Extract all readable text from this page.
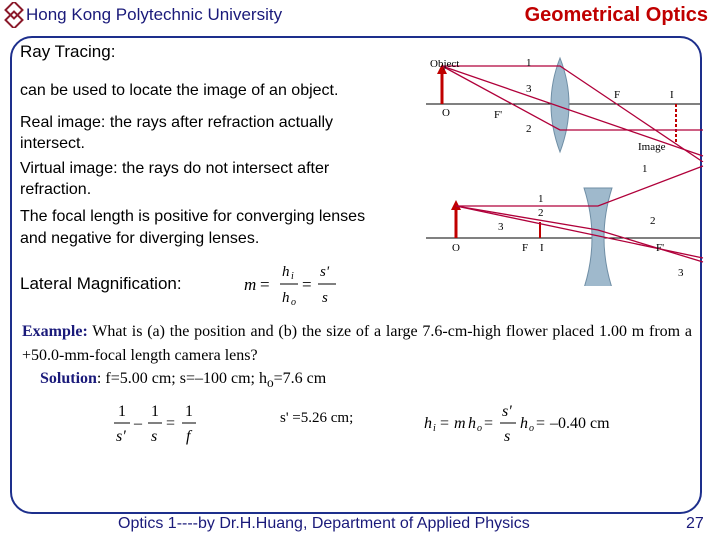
Hong Kong Polytechnic University	Geometrical Optics
Ray Tracing:
can be used to locate the image of an object.
Real image: the rays after refraction actually
intersect.
Virtual image: the rays do not intersect after
refraction.
The focal length is positive for converging lenses
and negative for diverging lenses.
Object
Image
O	F'
F	I
1
2
3
O	F I	F'
1
2
3
1
2
3
Lateral Magnification:	m =
h i
h o
=
s'
s
Example: What is (a) the position and (b) the size of a large 7.6-cm-high flower placed 1.00 m from a +50.0-mm-focal length camera lens?
Solution: f=5.00 cm; s=–100 cm; $h_o=7.6$ cm
1
s'
–
1
s
=
1
f
s' =5.26 cm;	h i = m h o =
s'
s
h o = –0.40 cm
Optics 1----by Dr.H.Huang, Department of Applied Physics	27
